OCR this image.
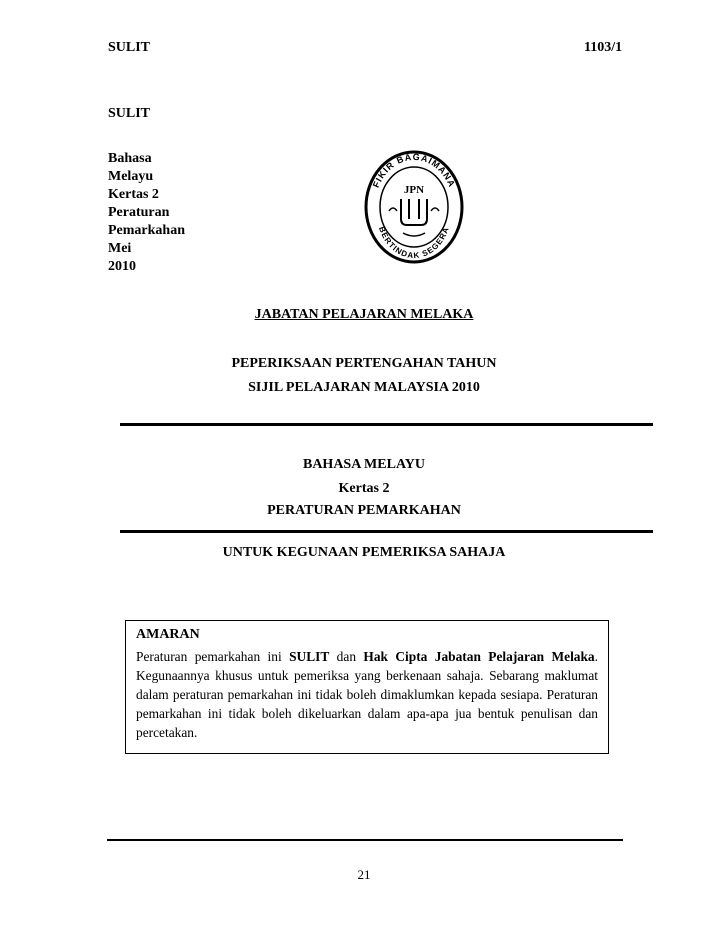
SULIT	1103/1
SULIT
Bahasa
Melayu
Kertas 2
Peraturan
Pemarkahan
Mei
2010
FIKIR BAGAIMANA
BERTINDAK SEGERA
JPN
JABATAN PELAJARAN MELAKA
PEPERIKSAAN PERTENGAHAN TAHUN
SIJIL PELAJARAN MALAYSIA 2010
BAHASA MELAYU
Kertas 2
PERATURAN PEMARKAHAN
UNTUK KEGUNAAN PEMERIKSA SAHAJA
AMARAN
Peraturan pemarkahan ini SULIT dan Hak Cipta Jabatan Pelajaran Melaka. Kegunaannya khusus untuk pemeriksa yang berkenaan sahaja. Sebarang maklumat dalam peraturan pemarkahan ini tidak boleh dimaklumkan kepada sesiapa. Peraturan pemarkahan ini tidak boleh dikeluarkan dalam apa-apa jua bentuk penulisan dan percetakan.
21
